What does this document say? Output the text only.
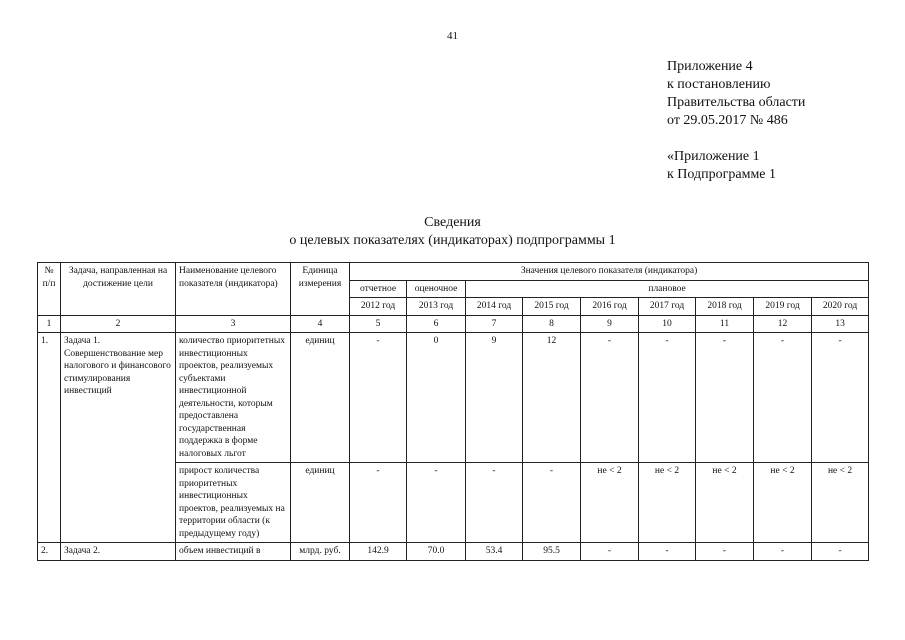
41
Приложение 4
к постановлению
Правительства области
от 29.05.2017 № 486
«Приложение 1
к Подпрограмме 1
Сведения
о целевых показателях (индикаторах) подпрограммы 1
№ п/п	Задача, направленная на достижение цели	Наименование целевого показателя (индикатора)	Единица измерения	Значения целевого показателя (индикатора)								
				отчетное	оценочное	плановое						
				2012 год	2013 год	2014 год	2015 год	2016 год	2017 год	2018 год	2019 год	2020 год
1	2	3	4	5	6	7	8	9	10	11	12	13
1.	Задача 1. Совершенствование мер налогового и финансового стимулирования инвестиций	количество приоритетных инвестиционных проектов, реализуемых субъектами инвестиционной деятельности, которым предоставлена государственная поддержка в форме налоговых льгот	единиц	-	0	9	12	-	-	-	-	-
		прирост количества приоритетных инвестиционных проектов, реализуемых на территории области (к предыдущему году)	единиц	-	-	-	-	не < 2	не < 2	не < 2	не < 2	не < 2
2.	Задача 2.	объем инвестиций в	млрд. руб.	142.9	70.0	53.4	95.5	-	-	-	-	-
